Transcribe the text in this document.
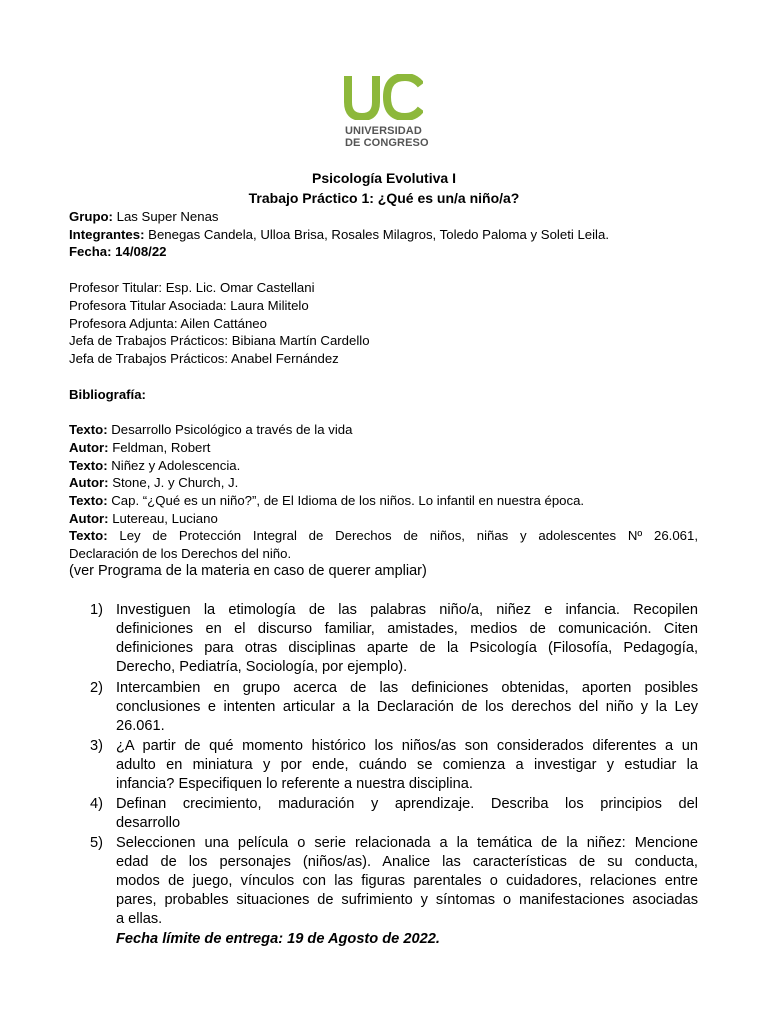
UNIVERSIDAD
DE CONGRESO
Psicología Evolutiva I
Trabajo Práctico 1: ¿Qué es un/a niño/a?
Grupo: Las Super Nenas
Integrantes: Benegas Candela, Ulloa Brisa, Rosales Milagros, Toledo Paloma y Soleti Leila.
Fecha: 14/08/22
Profesor Titular: Esp. Lic. Omar Castellani
Profesora Titular Asociada: Laura Militelo
Profesora Adjunta: Ailen Cattáneo
Jefa de Trabajos Prácticos: Bibiana Martín Cardello
Jefa de Trabajos Prácticos: Anabel Fernández
Bibliografía:
Texto: Desarrollo Psicológico a través de la vida
Autor: Feldman, Robert
Texto: Niñez y Adolescencia.
Autor: Stone, J. y Church, J.
Texto: Cap. “¿Qué es un niño?”, de El Idioma de los niños. Lo infantil en nuestra época.
Autor: Lutereau, Luciano
Texto: Ley de Protección Integral de Derechos de niños, niñas y adolescentes Nº 26.061,
Declaración de los Derechos del niño.
(ver Programa de la materia en caso de querer ampliar)
1) Investiguen la etimología de las palabras niño/a, niñez e infancia. Recopilen
definiciones en el discurso familiar, amistades, medios de comunicación. Citen
definiciones para otras disciplinas aparte de la Psicología (Filosofía, Pedagogía,
Derecho, Pediatría, Sociología, por ejemplo).
2) Intercambien en grupo acerca de las definiciones obtenidas, aporten posibles
conclusiones e intenten articular a la Declaración de los derechos del niño y la Ley
26.061.
3) ¿A partir de qué momento histórico los niños/as son considerados diferentes a un
adulto en miniatura y por ende, cuándo se comienza a investigar y estudiar la
infancia? Especifiquen lo referente a nuestra disciplina.
4) Definan crecimiento, maduración y aprendizaje. Describa los principios del
desarrollo
5) Seleccionen una película o serie relacionada a la temática de la niñez: Mencione
edad de los personajes (niños/as). Analice las características de su conducta,
modos de juego, vínculos con las figuras parentales o cuidadores, relaciones entre
pares, probables situaciones de sufrimiento y síntomas o manifestaciones asociadas
a ellas.
Fecha límite de entrega: 19 de Agosto de 2022.
